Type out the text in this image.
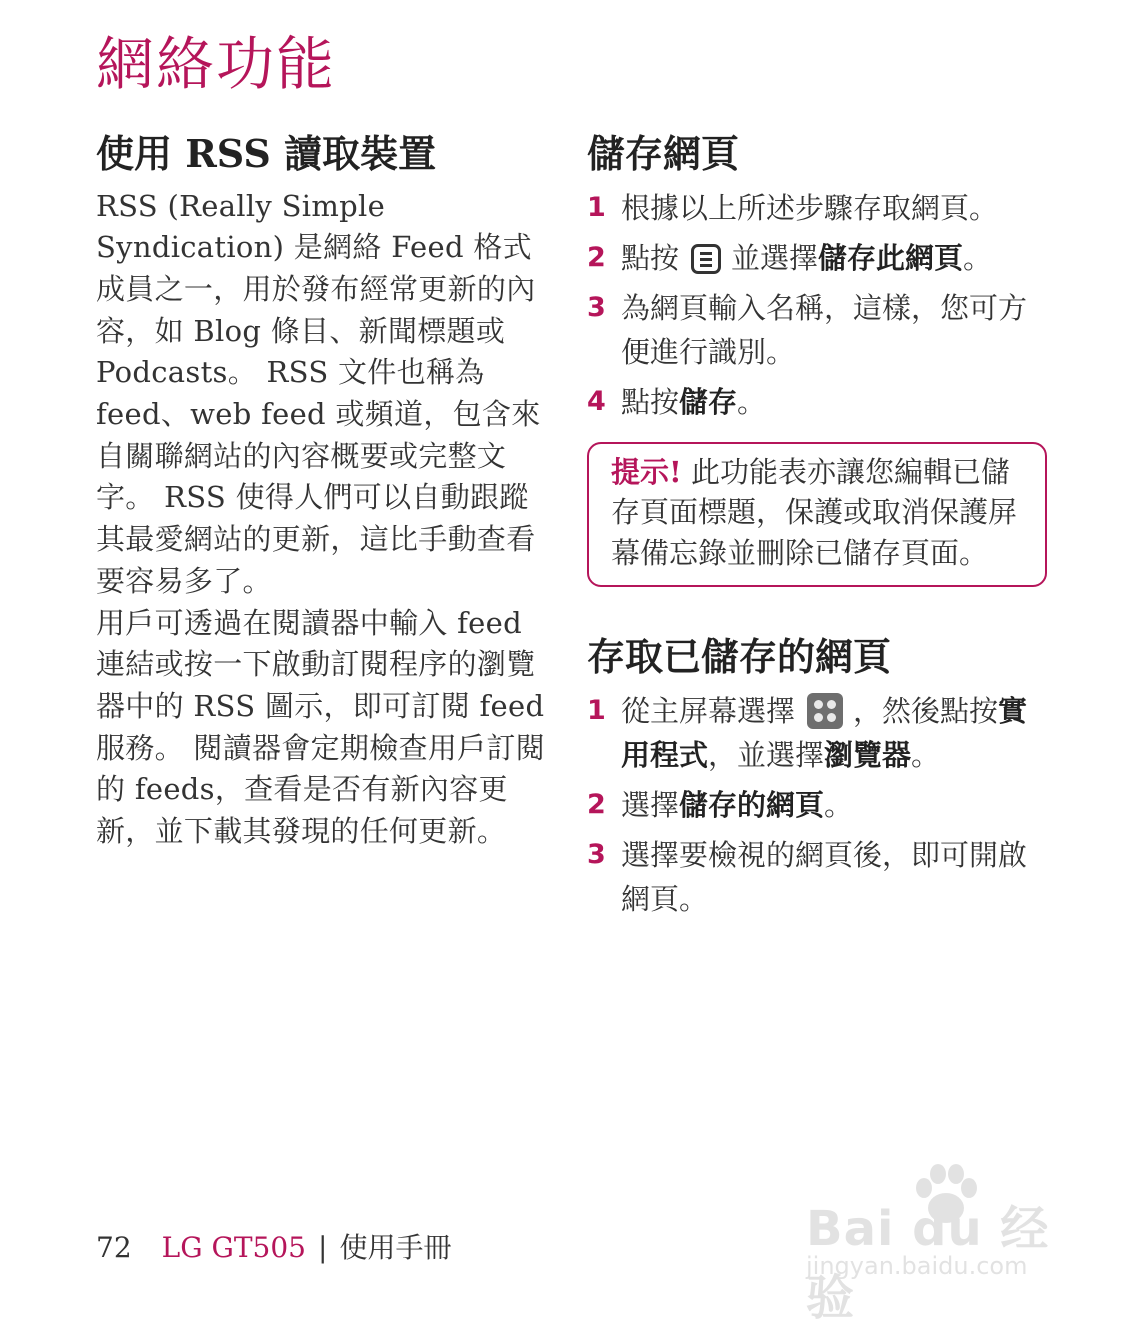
網絡功能
使用 RSS 讀取裝置

RSS (Really Simple Syndication) 是網絡 Feed 格式成員之一，用於發布經常更新的內容，如 Blog 條目、新聞標題或 Podcasts。 RSS 文件也稱為 feed、web feed 或頻道，包含來自關聯網站的內容概要或完整文字。 RSS 使得人們可以自動跟蹤其最愛網站的更新，這比手動查看要容易多了。

用戶可透過在閱讀器中輸入 feed 連結或按一下啟動訂閱程序的瀏覽器中的 RSS 圖示，即可訂閱 feed 服務。 閱讀器會定期檢查用戶訂閱的 feeds，查看是否有新內容更新，並下載其發現的任何更新。

儲存網頁
1 根據以上所述步驟存取網頁。
2 點按 並選擇儲存此網頁。
3 為網頁輸入名稱，這樣，您可方便進行識別。
4 點按儲存。
提示! 此功能表亦讓您編輯已儲存頁面標題，保護或取消保護屏幕備忘錄並刪除已儲存頁面。
存取已儲存的網頁
1 從主屏幕選擇 ，然後點按實用程式，並選擇瀏覽器。
2 選擇儲存的網頁。
3 選擇要檢視的網頁後，即可開啟網頁。
72 LG GT505 | 使用手冊	Bai du 经验
jingyan.baidu.com
